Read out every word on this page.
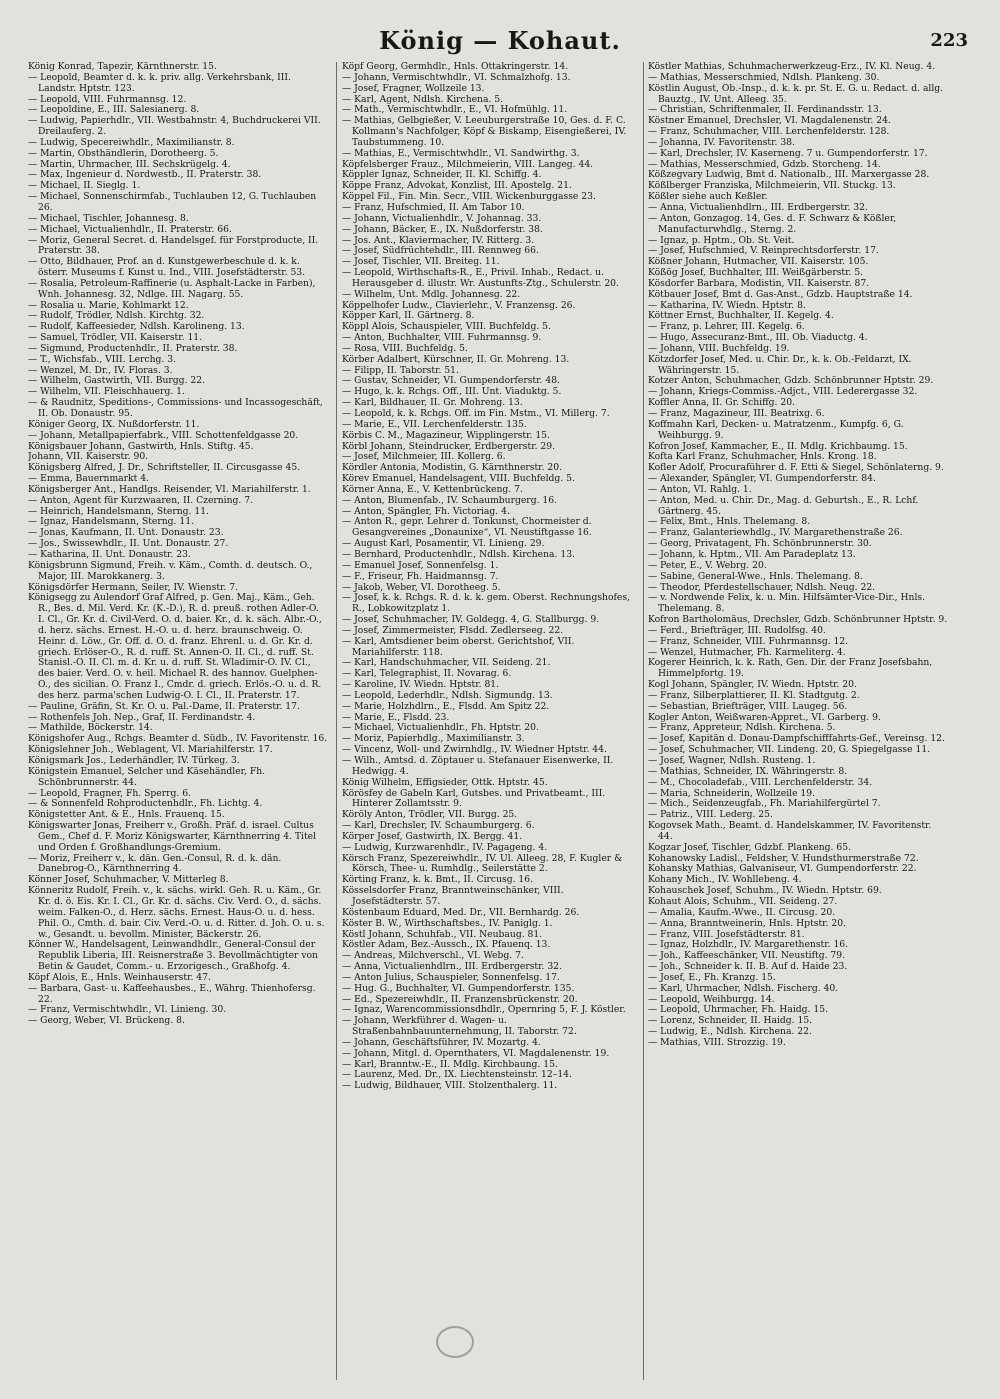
König — Kohaut.	223

König Konrad, Tapezir, Kärnthnerstr. 15.

— Leopold, Beamter d. k. k. priv. allg. Verkehrsbank, III. Landstr. Hptstr. 123.

— Leopold, VIII. Fuhrmannsg. 12.

— Leopoldine, E., III. Salesianerg. 8.

— Ludwig, Papierhdlr., VII. Westbahnstr. 4, Buchdruckerei VII. Dreilauferg. 2.

— Ludwig, Specereiwhdlr., Maximilianstr. 8.

— Martin, Obsthändlerin, Dorotheerg. 5.

— Martin, Uhrmacher, III. Sechskrügelg. 4.

— Max, Ingenieur d. Nordwestb., II. Praterstr. 38.

— Michael, II. Sieglg. 1.

— Michael, Sonnenschirmfab., Tuchlauben 12, G. Tuchlauben 26.

— Michael, Tischler, Johannesg. 8.

— Michael, Victualienhdlr., II. Praterstr. 66.

— Moriz, General Secret. d. Handelsgef. für Forstproducte, II. Praterstr. 38.

— Otto, Bildhauer, Prof. an d. Kunstgewerbeschule d. k. k. österr. Museums f. Kunst u. Ind., VIII. Josefstädterstr. 53.

— Rosalia, Petroleum-Raffinerie (u. Asphalt-Lacke in Farben), Wnh. Johannesg. 32, Ndlge. III. Nagarg. 55.

— Rosalia u. Marie, Kohlmarkt 12.

— Rudolf, Trödler, Ndlsh. Kirchtg. 32.

— Rudolf, Kaffeesieder, Ndlsh. Karolineng. 13.

— Samuel, Trödler, VII. Kaiserstr. 11.

— Sigmund, Productenhdlr., II. Praterstr. 38.

— T., Wichsfab., VIII. Lerchg. 3.

— Wenzel, M. Dr., IV. Floras. 3.

— Wilhelm, Gastwirth, VII. Burgg. 22.

— Wilhelm, VII. Fleischhauerg. 1.

— & Raudnitz, Speditions-, Commissions- und Incassogeschäft, II. Ob. Donaustr. 95.

Königer Georg, IX. Nußdorferstr. 11.

— Johann, Metallpapierfabrk., VIII. Schottenfeldgasse 20.

Königsbauer Johann, Gastwirth, Hnls. Stiftg. 45.

Johann, VII. Kaiserstr. 90.

Königsberg Alfred, J. Dr., Schriftsteller, II. Circusgasse 45.

— Emma, Bauernmarkt 4.

Königsberger Ant., Handlgs. Reisender, VI. Mariahilferstr. 1.

— Anton, Agent für Kurzwaaren, II. Czerning. 7.

— Heinrich, Handelsmann, Sterng. 11.

— Ignaz, Handelsmann, Sterng. 11.

— Jonas, Kaufmann, II. Unt. Donaustr. 23.

— Jos., Swissewhdlr., II. Unt. Donaustr. 27.

— Katharina, II. Unt. Donaustr. 23.

Königsbrunn Sigmund, Freih. v. Käm., Comth. d. deutsch. O., Major, III. Marokkanerg. 3.

Königsdörfer Hermann, Seiler, IV. Wienstr. 7.

Königsegg zu Aulendorf Graf Alfred, p. Gen. Maj., Käm., Geh. R., Bes. d. Mil. Verd. Kr. (K.-D.), R. d. preuß. rothen Adler-O. I. Cl., Gr. Kr. d. Civil-Verd. O. d. baier. Kr., d. k. säch. Albr.-O., d. herz. sächs. Ernest. H.-O. u. d. herz. braunschweig. O. Heinr. d. Löw., Gr. Off. d. O. d. franz. Ehrenl. u. d. Gr. Kr. d. griech. Erlöser-O., R. d. ruff. St. Annen-O. II. Cl., d. ruff. St. Stanisl.-O. II. Cl. m. d. Kr. u. d. ruff. St. Wladimir-O. IV. Cl., des baier. Verd. O. v. heil. Michael R. des hannov. Guelphen-O., des sicilian. O. Franz I., Cmdr. d. griech. Erlös.-O. u. d. R. des herz. parma'schen Ludwig-O. I. Cl., II. Praterstr. 17.

— Pauline, Gräfin, St. Kr. O. u. Pal.-Dame, II. Praterstr. 17.

— Rothenfels Joh. Nep., Graf, II. Ferdinandstr. 4.

— Mathilde, Böckerstr. 14.

Königshofer Aug., Rchgs. Beamter d. Südb., IV. Favoritenstr. 16.

Königslehner Joh., Weblagent, VI. Mariahilferstr. 17.

Königsmark Jos., Lederhändler, IV. Türkeg. 3.

Königstein Emanuel, Selcher und Käsehändler, Fh. Schönbrunnerstr. 44.

— Leopold, Fragner, Fh. Sperrg. 6.

— & Sonnenfeld Rohproductenhdlr., Fh. Lichtg. 4.

Königstetter Ant. & E., Hnls. Frauenq. 15.

Königswarter Jonas, Freiherr v., Großh. Präf. d. israel. Cultus Gem., Chef d. F. Moriz Königswarter, Kärnthnerring 4. Titel und Orden f. Großhandlungs-Gremium.

— Moriz, Freiherr v., k. dän. Gen.-Consul, R. d. k. dän. Danebrog-O., Kärnthnerring 4.

Könner Josef, Schuhmacher, V. Mitterleg 8.

Könneritz Rudolf, Freih. v., k. sächs. wirkl. Geh. R. u. Käm., Gr. Kr. d. ö. Eis. Kr. I. Cl., Gr. Kr. d. sächs. Civ. Verd. O., d. sächs. weim. Falken-O., d. Herz. sächs. Ernest. Haus-O. u. d. hess. Phil. O., Cmth. d. bair. Civ. Verd.-O. u. d. Ritter. d. Joh. O. u. s. w., Gesandt. u. bevollm. Minister, Bäckerstr. 26.

Könner W., Handelsagent, Leinwandhdlr., General-Consul der Republik Liberia, III. Reisnerstraße 3. Bevollmächtigter von Betin & Gaudet, Comm.- u. Erzorigesch., Graßhofg. 4.

Köpf Alois, E., Hnls. Weinhauserstr. 47.

— Barbara, Gast- u. Kaffeehausbes., E., Währg. Thienhofersg. 22.

— Franz, Vermischtwhdlr., VI. Linieng. 30.

— Georg, Weber, VI. Brückeng. 8.

Köpf Georg, Germhdlr., Hnls. Ottakringerstr. 14.

— Johann, Vermischtwhdlr., VI. Schmalzhofg. 13.

— Josef, Fragner, Wollzeile 13.

— Karl, Agent, Ndlsh. Kirchena. 5.

— Math., Vermischtwhdlr., E., VI. Hofmühlg. 11.

— Mathias, Gelbgießer, V. Leeuburgerstraße 10, Ges. d. F. C. Kollmann's Nachfolger, Köpf & Biskamp, Eisengießerei, IV. Taubstummeng. 10.

— Mathias, E., Vermischtwhdlr., VI. Sandwirthg. 3.

Köpfelsberger Frauz., Milchmeierin, VIII. Langeg. 44.

Köppler Ignaz, Schneider, II. Kl. Schiffg. 4.

Köppe Franz, Advokat, Konzlist, III. Apostelg. 21.

Köppel Fil., Fin. Min. Secr., VIII. Wickenburggasse 23.

— Franz, Hufschmied, II. Am Tabor 10.

— Johann, Victualienhdlr., V. Johannag. 33.

— Johann, Bäcker, E., IX. Nußdorferstr. 38.

— Jos. Ant., Klaviermacher, IV. Ritterg. 3.

— Josef, Südfrüchtehdlr., III. Rennweg 66.

— Josef, Tischler, VII. Breiteg. 11.

— Leopold, Wirthschafts-R., E., Privil. Inhab., Redact. u. Herausgeber d. illustr. Wr. Austunfts-Ztg., Schulerstr. 20.

— Wilhelm, Unt. Mdlg. Johannesg. 22.

Köppelhofer Ludw., Clavierlehr., V. Franzensg. 26.

Köpper Karl, II. Gärtnerg. 8.

Köppl Alois, Schauspieler, VIII. Buchfeldg. 5.

— Anton, Buchhalter, VIII. Fuhrmannsg. 9.

— Rosa, VIII. Buchfeldg. 5.

Körber Adalbert, Kürschner, II. Gr. Mohreng. 13.

— Filipp, II. Taborstr. 51.

— Gustav, Schneider, VI. Gumpendorferstr. 48.

— Hugo, k. k. Rchgs. Off., III. Unt. Viaduktg. 5.

— Karl, Bildhauer, II. Gr. Mohreng. 13.

— Leopold, k. k. Rchgs. Off. im Fin. Mstm., VI. Millerg. 7.

— Marie, E., VII. Lerchenfelderstr. 135.

Körbis C. M., Magazineur, Wipplingerstr. 15.

Körbl Johann, Steindrucker, Erdbergerstr. 29.

— Josef, Milchmeier, III. Kollerg. 6.

Kördler Antonia, Modistin, G. Kärnthnerstr. 20.

Körev Emanuel, Handelsagent, VIII. Buchfeldg. 5.

Körner Anna, E., V. Kettenbrückeng. 7.

— Anton, Blumenfab., IV. Schaumburgerg. 16.

— Anton, Spängler, Fh. Victoriag. 4.

— Anton R., gepr. Lehrer d. Tonkunst, Chormeister d. Gesangvereines „Donaunixe“, VI. Neustiftgasse 16.

— August Karl, Posamentir, VI. Linieng. 29.

— Bernhard, Productenhdlr., Ndlsh. Kirchena. 13.

— Emanuel Josef, Sonnenfelsg. 1.

— F., Friseur, Fh. Haidmannsg. 7.

— Jakob, Weber, VI. Dorotheeg. 5.

— Josef, k. k. Rchgs. R. d. k. k. gem. Oberst. Rechnungshofes, R., Lobkowitzplatz 1.

— Josef, Schuhmacher, IV. Goldegg. 4, G. Stallburgg. 9.

— Josef, Zimmermeister, Flsdd. Zedlerseeg. 22.

— Karl, Amtsdiener beim oberst. Gerichtshof, VII. Mariahilferstr. 118.

— Karl, Handschuhmacher, VII. Seideng. 21.

— Karl, Telegraphist, II. Novarag. 6.

— Karoline, IV. Wiedn. Hptstr. 81.

— Leopold, Lederhdlr., Ndlsh. Sigmundg. 13.

— Marie, Holzhdlrn., E., Flsdd. Am Spitz 22.

— Marie, E., Flsdd. 23.

— Michael, Victualienhdlr., Fh. Hptstr. 20.

— Moriz, Papierhdlg., Maximilianstr. 3.

— Vincenz, Woll- und Zwirnhdlg., IV. Wiedner Hptstr. 44.

— Wilh., Amtsd. d. Zöptauer u. Stefanauer Eisenwerke, II. Hedwigg. 4.

König Wilhelm, Effigsieder, Ottk. Hptstr. 45.

Körösfey de Gabeln Karl, Gutsbes. und Privatbeamt., III. Hinterer Zollamtsstr. 9.

Köröly Anton, Trödler, VII. Burgg. 25.

— Karl, Drechsler, IV. Schaumburgerg. 6.

Körper Josef, Gastwirth, IX. Bergg. 41.

— Ludwig, Kurzwarenhdlr., IV. Pagageng. 4.

Körsch Franz, Spezereiwhdlr., IV. Ul. Alleeg. 28, F. Kugler & Körsch, Thee- u. Rumhdlg., Seilerstätte 2.

Körting Franz, k. k. Bmt., II. Circusg. 16.

Kösselsdorfer Franz, Branntweinschänker, VIII. Josefstädterstr. 57.

Köstenbaum Eduard, Med. Dr., VII. Bernhardg. 26.

Köster B. W., Wirthschaftsbes., IV. Paniglg. 1.

Köstl Johann, Schuhfab., VII. Neubaug. 81.

Köstler Adam, Bez.-Aussch., IX. Pfauenq. 13.

— Andreas, Milchverschl., VI. Webg. 7.

— Anna, Victualienhdlrn., III. Erdbergerstr. 32.

— Anton Julius, Schauspieler, Sonnenfelsg. 17.

— Hug. G., Buchhalter, VI. Gumpendorferstr. 135.

— Ed., Spezereiwhdlr., II. Franzensbrückenstr. 20.

— Ignaz, Warencommissionsdhdlr., Opernring 5, F. J. Köstler.

— Johann, Werkführer d. Wagen- u. Straßenbahnbauunternehmung, II. Taborstr. 72.

— Johann, Geschäftsführer, IV. Mozartg. 4.

— Johann, Mitgl. d. Opernthaters, VI. Magdalenenstr. 19.

— Karl, Branntw.-E., II. Mdlg. Kirchbaung. 15.

— Laurenz, Med. Dr., IX. Liechtensteinstr. 12–14.

— Ludwig, Bildhauer, VIII. Stolzenthalerg. 11.

Köstler Mathias, Schuhmacherwerkzeug-Erz., IV. Kl. Neug. 4.

— Mathias, Messerschmied, Ndlsh. Plankeng. 30.

Köstlin August, Ob.-Insp., d. k. k. pr. St. E. G. u. Redact. d. allg. Bauztg., IV. Unt. Alleeg. 35.

— Christian, Schriftenmaler, II. Ferdinandsstr. 13.

Köstner Emanuel, Drechsler, VI. Magdalenenstr. 24.

— Franz, Schuhmacher, VIII. Lerchenfelderstr. 128.

— Johanna, IV. Favoritenstr. 38.

— Karl, Drechsler, IV. Kaserneng. 7 u. Gumpendorferstr. 17.

— Mathias, Messerschmied, Gdzb. Storcheng. 14.

Kößzegvary Ludwig, Bmt d. Nationalb., III. Marxergasse 28.

Kößlberger Franziska, Milchmeierin, VII. Stuckg. 13.

Kößler siehe auch Keßler.

— Anna, Victualienhdlrn., III. Erdbergerstr. 32.

— Anton, Gonzagog. 14, Ges. d. F. Schwarz & Kößler, Manufacturwhdlg., Sterng. 2.

— Ignaz, p. Hptm., Ob. St. Veit.

— Josef, Hufschmied, V. Reinprechtsdorferstr. 17.

Kößner Johann, Hutmacher, VII. Kaiserstr. 105.

Kößög Josef, Buchhalter, III. Weißgärberstr. 5.

Kösdorfer Barbara, Modistin, VII. Kaiserstr. 87.

Kötbauer Josef, Bmt d. Gas-Anst., Gdzb. Hauptstraße 14.

— Katharina, IV. Wiedn. Hptstr. 8.

Köttner Ernst, Buchhalter, II. Kegelg. 4.

— Franz, p. Lehrer, III. Kegelg. 6.

— Hugo, Assecuranz-Bmt., III. Ob. Viaductg. 4.

— Johann, VIII. Buchfeldg. 19.

Kötzdorfer Josef, Med. u. Chir. Dr., k. k. Ob.-Feldarzt, IX. Währingerstr. 15.

Kotzer Anton, Schuhmacher, Gdzb. Schönbrunner Hptstr. 29.

— Johann, Kriegs-Commiss.-Adjct., VIII. Lederergasse 32.

Koffler Anna, II. Gr. Schiffg. 20.

— Franz, Magazineur, III. Beatrixg. 6.

Koffmahn Karl, Decken- u. Matratzenm., Kumpfg. 6, G. Weihburgg. 9.

Kofron Josef, Kammacher, E., II. Mdlg. Krichbaumg. 15.

Kofta Karl Franz, Schuhmacher, Hnls. Krong. 18.

Kofler Adolf, Procuraführer d. F. Etti & Siegel, Schönlaterng. 9.

— Alexander, Spängler, VI. Gumpendorferstr. 84.

— Anton, VI. Rahlg. 1.

— Anton, Med. u. Chir. Dr., Mag. d. Geburtsh., E., R. Lchf. Gärtnerg. 45.

— Felix, Bmt., Hnls. Thelemang. 8.

— Franz, Galanteriewhdlg., IV. Margarethenstraße 26.

— Georg, Privatagent, Fh. Schönbrunnerstr. 30.

— Johann, k. Hptm., VII. Am Paradeplatz 13.

— Peter, E., V. Webrg. 20.

— Sabine, General-Wwe., Hnls. Thelemang. 8.

— Theodor, Pferdestellschauer, Ndlsh. Neug. 22.

— v. Nordwende Felix, k. u. Min. Hilfsämter-Vice-Dir., Hnls. Thelemang. 8.

Kofron Bartholomäus, Drechsler, Gdzb. Schönbrunner Hptstr. 9.

— Ferd., Briefträger, III. Rudolfsg. 40.

— Franz, Schneider, VIII. Fuhrmannsg. 12.

— Wenzel, Hutmacher, Fh. Karmeliterg. 4.

Kogerer Heinrich, k. k. Rath, Gen. Dir. der Franz Josefsbahn, Himmelpfortg. 19.

Kogl Johann, Spängler, IV. Wiedn. Hptstr. 20.

— Franz, Silberplattierer, II. Kl. Stadtgutg. 2.

— Sebastian, Briefträger, VIII. Laugeg. 56.

Kogler Anton, Weißwaren-Appret., VI. Garberg. 9.

— Franz, Appreteur, Ndlsh. Kirchena. 5.

— Josef, Kapitän d. Donau-Dampfschifffahrts-Gef., Vereinsg. 12.

— Josef, Schuhmacher, VII. Lindeng. 20, G. Spiegelgasse 11.

— Josef, Wagner, Ndlsh. Rusteng. 1.

— Mathias, Schneider, IX. Währingerstr. 8.

— M., Chocoladefab., VIII. Lerchenfelderstr. 34.

— Maria, Schneiderin, Wollzeile 19.

— Mich., Seidenzeugfab., Fh. Mariahilfergürtel 7.

— Patriz., VIII. Lederg. 25.

Kogovsek Math., Beamt. d. Handelskammer, IV. Favoritenstr. 44.

Kogzar Josef, Tischler, Gdzbf. Plankeng. 65.

Kohanowsky Ladisl., Feldsher, V. Hundsthurmerstraße 72.

Kohansky Mathias, Galvaniseur, VI. Gumpendorferstr. 22.

Kohany Mich., IV. Wohllebeng. 4.

Kohauschek Josef, Schuhm., IV. Wiedn. Hptstr. 69.

Kohaut Alois, Schuhm., VII. Seideng. 27.

— Amalia, Kaufm.-Wwe., II. Circusg. 20.

— Anna, Branntweinerin, Hnls. Hptstr. 20.

— Franz, VIII. Josefstädterstr. 81.

— Ignaz, Holzhdlr., IV. Margarethenstr. 16.

— Joh., Kaffeeschänker, VII. Neustiftg. 79.

— Joh., Schneider k. II. B. Auf d. Haide 23.

— Josef, E., Fh. Kranzg. 15.

— Karl, Uhrmacher, Ndlsh. Fischerg. 40.

— Leopold, Weihburgg. 14.

— Leopold, Uhrmacher, Fh. Haidg. 15.

— Lorenz, Schneider, II. Haidg. 15.

— Ludwig, E., Ndlsh. Kirchena. 22.

— Mathias, VIII. Strozzig. 19.
